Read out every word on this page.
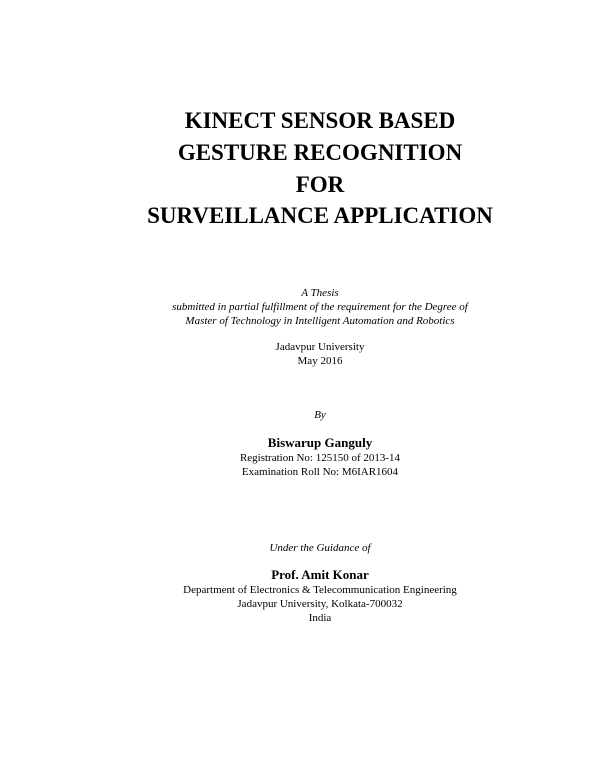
KINECT SENSOR BASED
GESTURE RECOGNITION
FOR
SURVEILLANCE APPLICATION
A Thesis
submitted in partial fulfillment of the requirement for the Degree of
Master of Technology in Intelligent Automation and Robotics
Jadavpur University
May 2016
By
Biswarup Ganguly
Registration No: 125150 of 2013-14
Examination Roll No: M6IAR1604
Under the Guidance of
Prof. Amit Konar
Department of Electronics & Telecommunication Engineering
Jadavpur University, Kolkata-700032
India
